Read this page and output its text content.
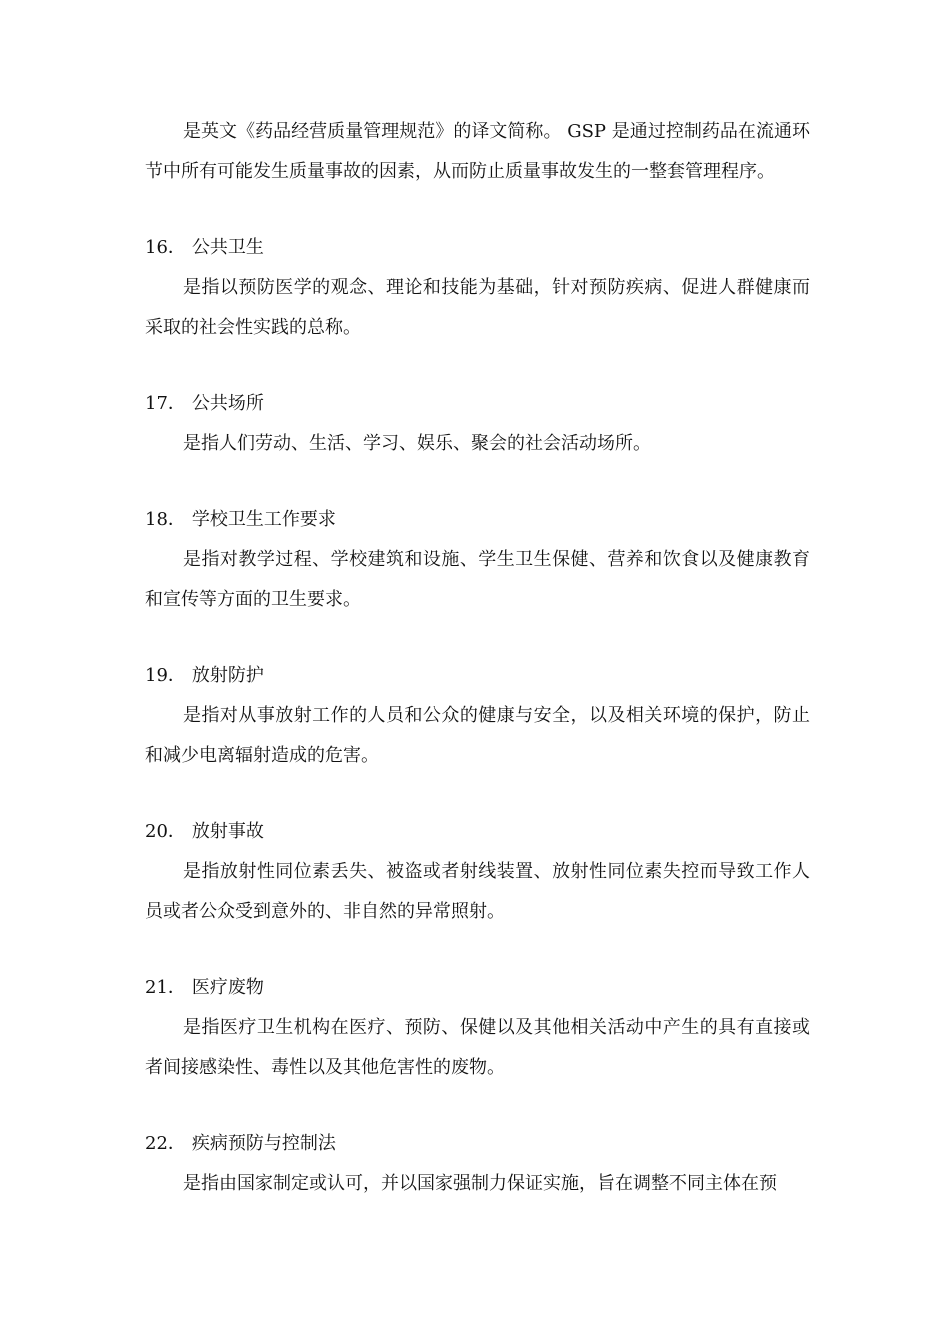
是英文《药品经营质量管理规范》的译文简称。 GSP 是通过控制药品在流通环节中所有可能发生质量事故的因素，从而防止质量事故发生的一整套管理程序。

16． 公共卫生

是指以预防医学的观念、理论和技能为基础，针对预防疾病、促进人群健康而采取的社会性实践的总称。

17． 公共场所

是指人们劳动、生活、学习、娱乐、聚会的社会活动场所。

18． 学校卫生工作要求

是指对教学过程、学校建筑和设施、学生卫生保健、营养和饮食以及健康教育和宣传等方面的卫生要求。

19． 放射防护

是指对从事放射工作的人员和公众的健康与安全，以及相关环境的保护，防止和减少电离辐射造成的危害。

20． 放射事故

是指放射性同位素丢失、被盗或者射线装置、放射性同位素失控而导致工作人员或者公众受到意外的、非自然的异常照射。

21． 医疗废物

是指医疗卫生机构在医疗、预防、保健以及其他相关活动中产生的具有直接或者间接感染性、毒性以及其他危害性的废物。

22． 疾病预防与控制法

是指由国家制定或认可，并以国家强制力保证实施，旨在调整不同主体在预
